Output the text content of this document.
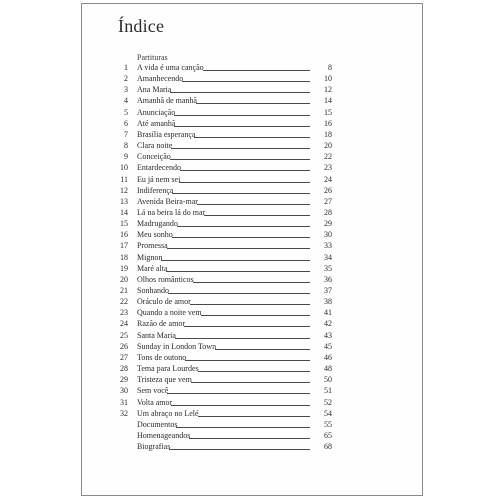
Índice
Partituras
1 A vida é uma canção	8
2 Amanhecendo	10
3 Ana Maria	12
4 Amanhã de manhã	14
5 Anunciação	15
6 Até amanhã	16
7 Brasília esperança	18
8 Clara noite	20
9 Conceição	22
10 Entardecendo	23
11 Eu já nem sei	24
12 Indiferença	26
13 Avenida Beira-mar	27
14 Lá na beira lá do mar	28
15 Madrugando	29
16 Meu sonho	30
17 Promessa	33
18 Mignon	34
19 Maré alta	35
20 Olhos românticos	36
21 Sonhando	37
22 Oráculo de amor	38
23 Quando a noite vem	41
24 Razão de amor	42
25 Santa Maria	43
26 Sunday in London Town	45
27 Tons de outono	46
28 Tema para Lourdes	48
29 Tristeza que vem	50
30 Sem você	51
31 Volta amor	52
32 Um abraço no Lelé	54
Documentos	55
Homenageandos	65
Biografias	68
